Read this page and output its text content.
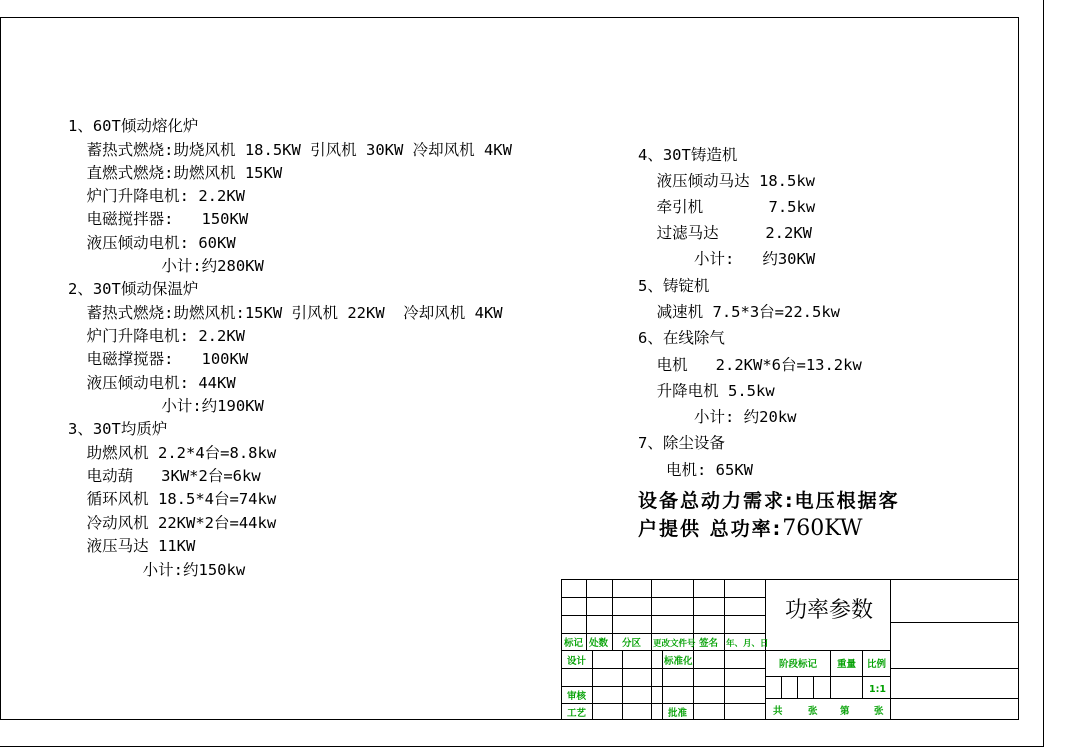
1、60T倾动熔化炉
蓄热式燃烧:助烧风机 18.5KW 引风机 30KW 冷却风机 4KW
直燃式燃烧:助燃风机 15KW
炉门升降电机: 2.2KW
电磁搅拌器:   150KW
液压倾动电机: 60KW
小计:约280KW
2、30T倾动保温炉
蓄热式燃烧:助燃风机:15KW 引风机 22KW  冷却风机 4KW
炉门升降电机: 2.2KW
电磁撑搅器:   100KW
液压倾动电机: 44KW
小计:约190KW
3、30T均质炉
助燃风机 2.2*4台=8.8kw
电动葫   3KW*2台=6kw
循环风机 18.5*4台=74kw
冷动风机 22KW*2台=44kw
液压马达 11KW
小计:约150kw
4、30T铸造机
液压倾动马达 18.5kw
牵引机       7.5kw
过滤马达     2.2KW
小计:   约30KW
5、铸锭机
减速机 7.5*3台=22.5kw
6、在线除气
电机   2.2KW*6台=13.2kw
升降电机 5.5kw
小计: 约20kw
7、除尘设备
电机: 65KW
设备总动力需求:电压根据客
户提供 总功率:760KW
功率参数
标记 处数 分区 更改文件号 签名 年、月、日
设计	标准化
审核
工艺	批准
阶段标记 重量 比例
1:1
共	张 第	张
